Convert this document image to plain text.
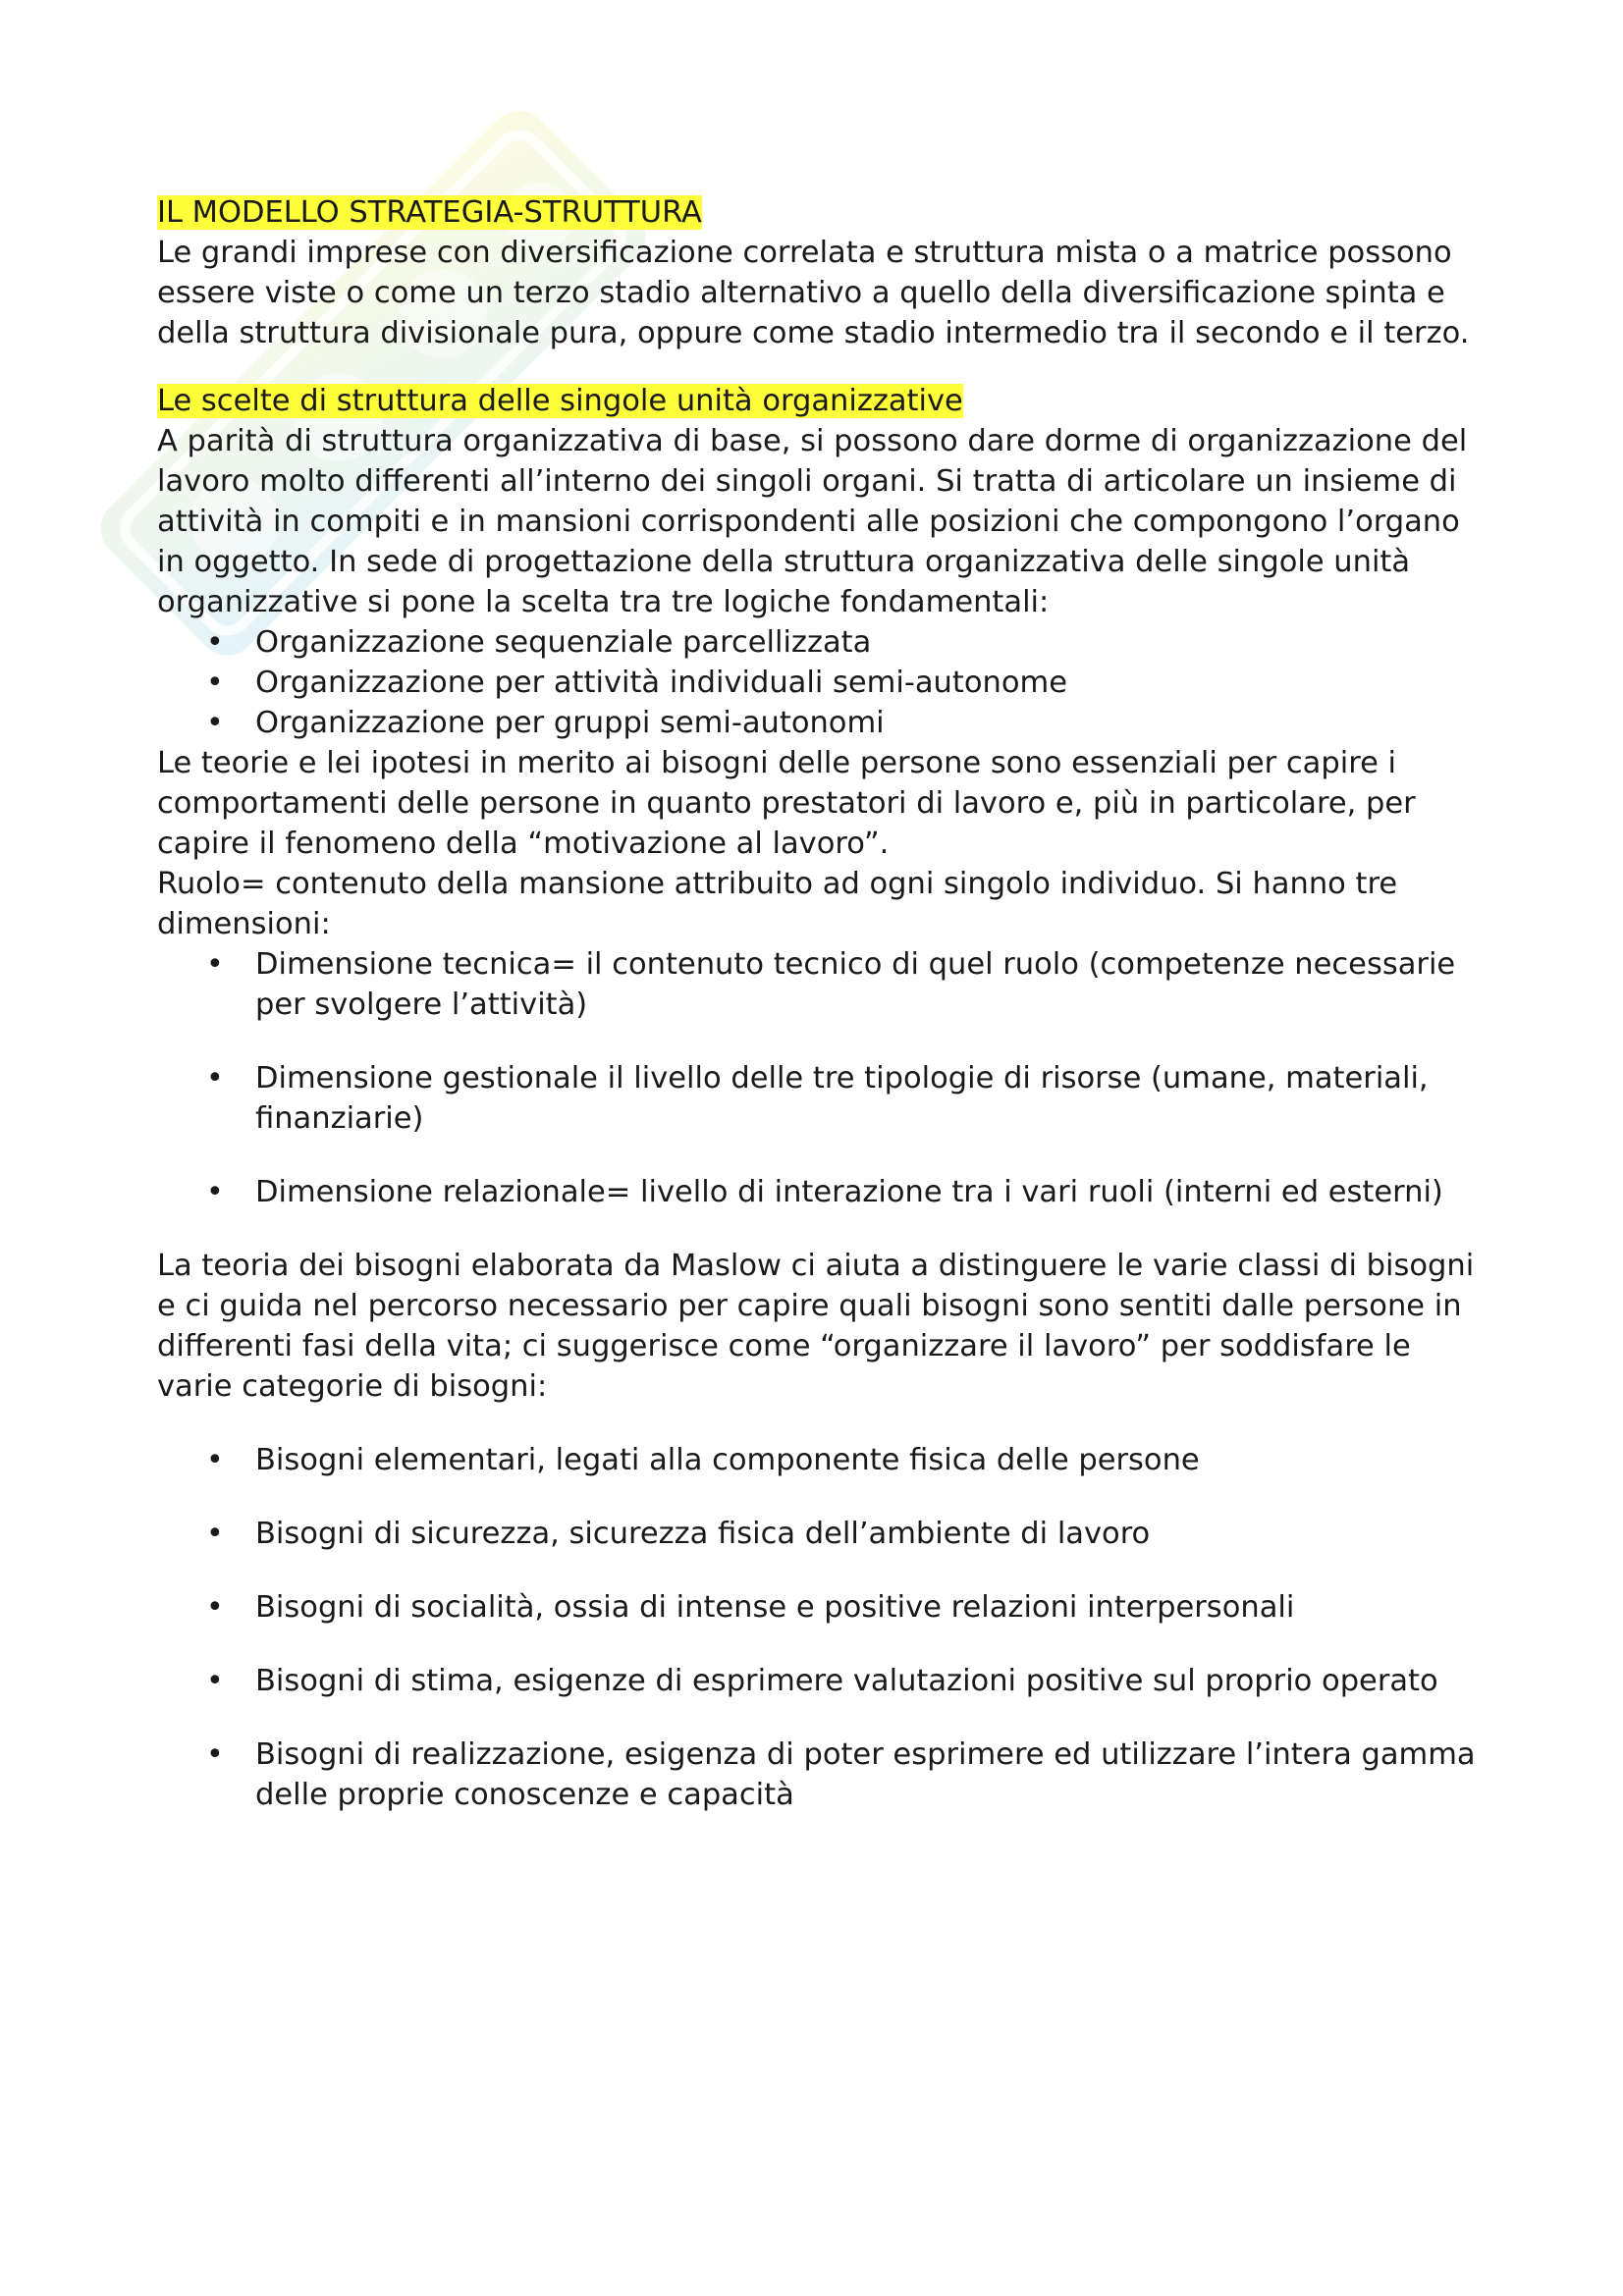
IL MODELLO STRATEGIA-STRUTTURA

Le grandi imprese con diversificazione correlata e struttura mista o a matrice possono essere viste o come un terzo stadio alternativo a quello della diversificazione spinta e della struttura divisionale pura, oppure come stadio intermedio tra il secondo e il terzo.

Le scelte di struttura delle singole unità organizzative

A parità di struttura organizzativa di base, si possono dare dorme di organizzazione del lavoro molto differenti all’interno dei singoli organi. Si tratta di articolare un insieme di attività in compiti e in mansioni corrispondenti alle posizioni che compongono l’organo in oggetto. In sede di progettazione della struttura organizzativa delle singole unità organizzative si pone la scelta tra tre logiche fondamentali:

• Organizzazione sequenziale parcellizzata
• Organizzazione per attività individuali semi-autonome
• Organizzazione per gruppi semi-autonomi

Le teorie e lei ipotesi in merito ai bisogni delle persone sono essenziali per capire i comportamenti delle persone in quanto prestatori di lavoro e, più in particolare, per capire il fenomeno della “motivazione al lavoro”.

Ruolo= contenuto della mansione attribuito ad ogni singolo individuo. Si hanno tre dimensioni:

• Dimensione tecnica= il contenuto tecnico di quel ruolo (competenze necessarie per svolgere l’attività)
• Dimensione gestionale il livello delle tre tipologie di risorse (umane, materiali, finanziarie)
• Dimensione relazionale= livello di interazione tra i vari ruoli (interni ed esterni)

La teoria dei bisogni elaborata da Maslow ci aiuta a distinguere le varie classi di bisogni e ci guida nel percorso necessario per capire quali bisogni sono sentiti dalle persone in differenti fasi della vita; ci suggerisce come “organizzare il lavoro” per soddisfare le varie categorie di bisogni:

• Bisogni elementari, legati alla componente fisica delle persone
• Bisogni di sicurezza, sicurezza fisica dell’ambiente di lavoro
• Bisogni di socialità, ossia di intense e positive relazioni interpersonali
• Bisogni di stima, esigenze di esprimere valutazioni positive sul proprio operato
• Bisogni di realizzazione, esigenza di poter esprimere ed utilizzare l’intera gamma delle proprie conoscenze e capacità
